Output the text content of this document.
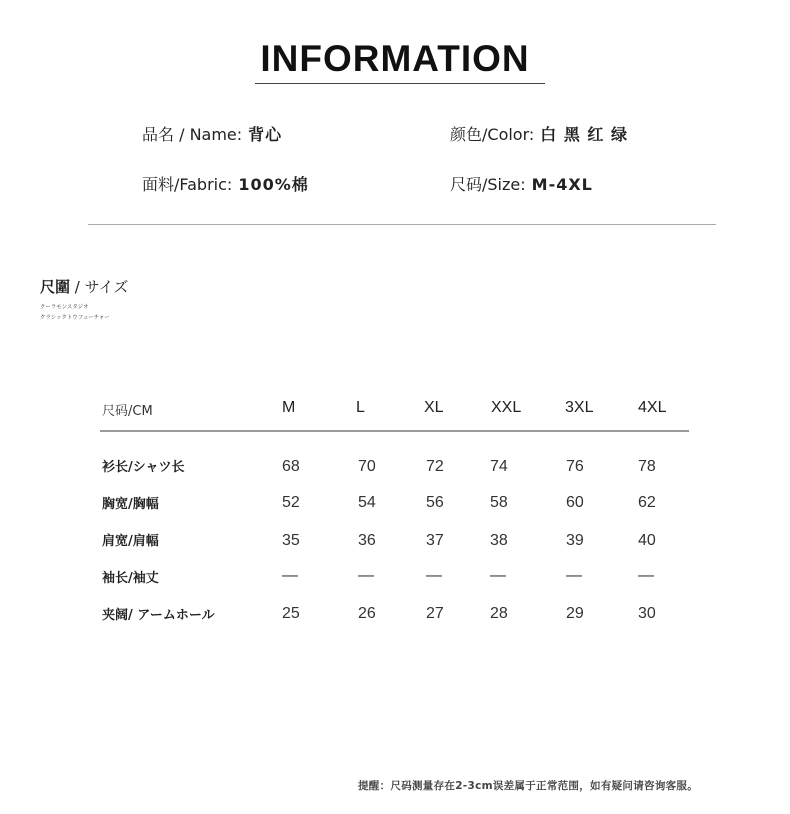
INFORMATION
品名 / Name: 背心	颜色/Color: 白 黑 红 绿
面料/Fabric: 100%棉	尺码/Size: M-4XL
尺圍 / サイズ
クーラモンスタジオ
クラシックトウフューチャー
尺码/CM	M	L	XL	XXL	3XL	4XL
衫长/シャツ长	68	70	72	74	76	78
胸宽/胸幅	52	54	56	58	60	62
肩宽/肩幅	35	36	37	38	39	40
袖长/袖丈	—	—	—	—	—	—
夹阔/ アームホール	25	26	27	28	29	30
提醒：尺码测量存在2-3cm误差属于正常范围，如有疑问请咨询客服。
